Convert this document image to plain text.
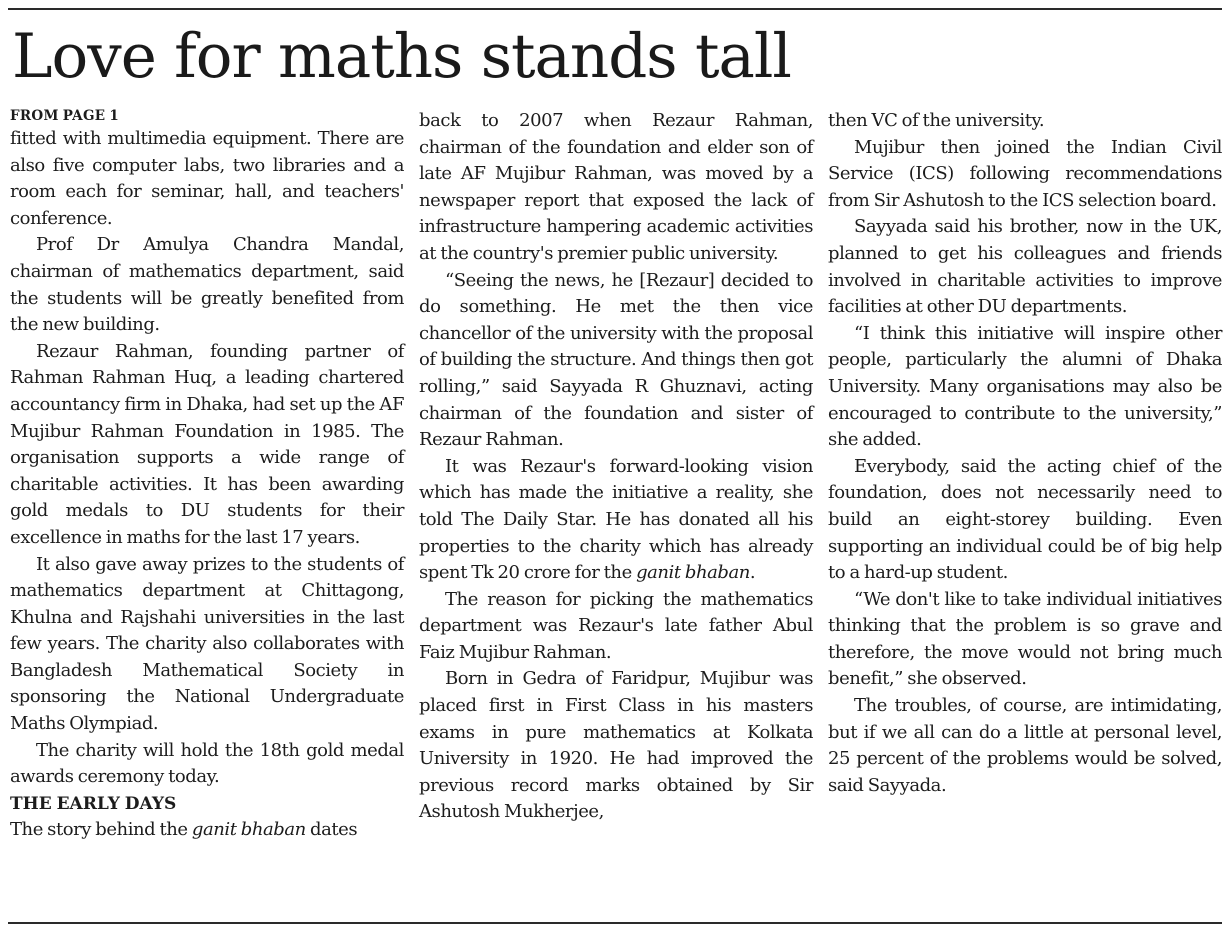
Love for maths stands tall
FROM PAGE 1

fitted with multimedia equipment. There are also five computer labs, two libraries and a room each for seminar, hall, and teachers' conference.

Prof Dr Amulya Chandra Mandal, chairman of mathematics department, said the students will be greatly benefited from the new building.

Rezaur Rahman, founding partner of Rahman Rahman Huq, a leading chartered accountancy firm in Dhaka, had set up the AF Mujibur Rahman Foundation in 1985. The organisation supports a wide range of charitable activities. It has been awarding gold medals to DU students for their excellence in maths for the last 17 years.

It also gave away prizes to the students of mathematics department at Chittagong, Khulna and Rajshahi universities in the last few years. The charity also collaborates with Bangladesh Mathematical Society in sponsoring the National Undergraduate Maths Olympiad.

The charity will hold the 18th gold medal awards ceremony today.

THE EARLY DAYS

The story behind the ganit bhaban dates

back to 2007 when Rezaur Rahman, chairman of the foundation and elder son of late AF Mujibur Rahman, was moved by a newspaper report that exposed the lack of infrastructure hampering academic activities at the country's premier public university.

“Seeing the news, he [Rezaur] decided to do something. He met the then vice chancellor of the university with the proposal of building the structure. And things then got rolling,” said Sayyada R Ghuznavi, acting chairman of the foundation and sister of Rezaur Rahman.

It was Rezaur's forward-looking vision which has made the initiative a reality, she told The Daily Star. He has donated all his properties to the charity which has already spent Tk 20 crore for the ganit bhaban.

The reason for picking the mathematics department was Rezaur's late father Abul Faiz Mujibur Rahman.

Born in Gedra of Faridpur, Mujibur was placed first in First Class in his masters exams in pure mathematics at Kolkata University in 1920. He had improved the previous record marks obtained by Sir Ashutosh Mukherjee,

then VC of the university.

Mujibur then joined the Indian Civil Service (ICS) following recommendations from Sir Ashutosh to the ICS selection board.

Sayyada said his brother, now in the UK, planned to get his colleagues and friends involved in charitable activities to improve facilities at other DU departments.

“I think this initiative will inspire other people, particularly the alumni of Dhaka University. Many organisations may also be encouraged to contribute to the university,” she added.

Everybody, said the acting chief of the foundation, does not necessarily need to build an eight-storey building. Even supporting an individual could be of big help to a hard-up student.

“We don't like to take individual initiatives thinking that the problem is so grave and therefore, the move would not bring much benefit,” she observed.

The troubles, of course, are intimidating, but if we all can do a little at personal level, 25 percent of the problems would be solved, said Sayyada.
